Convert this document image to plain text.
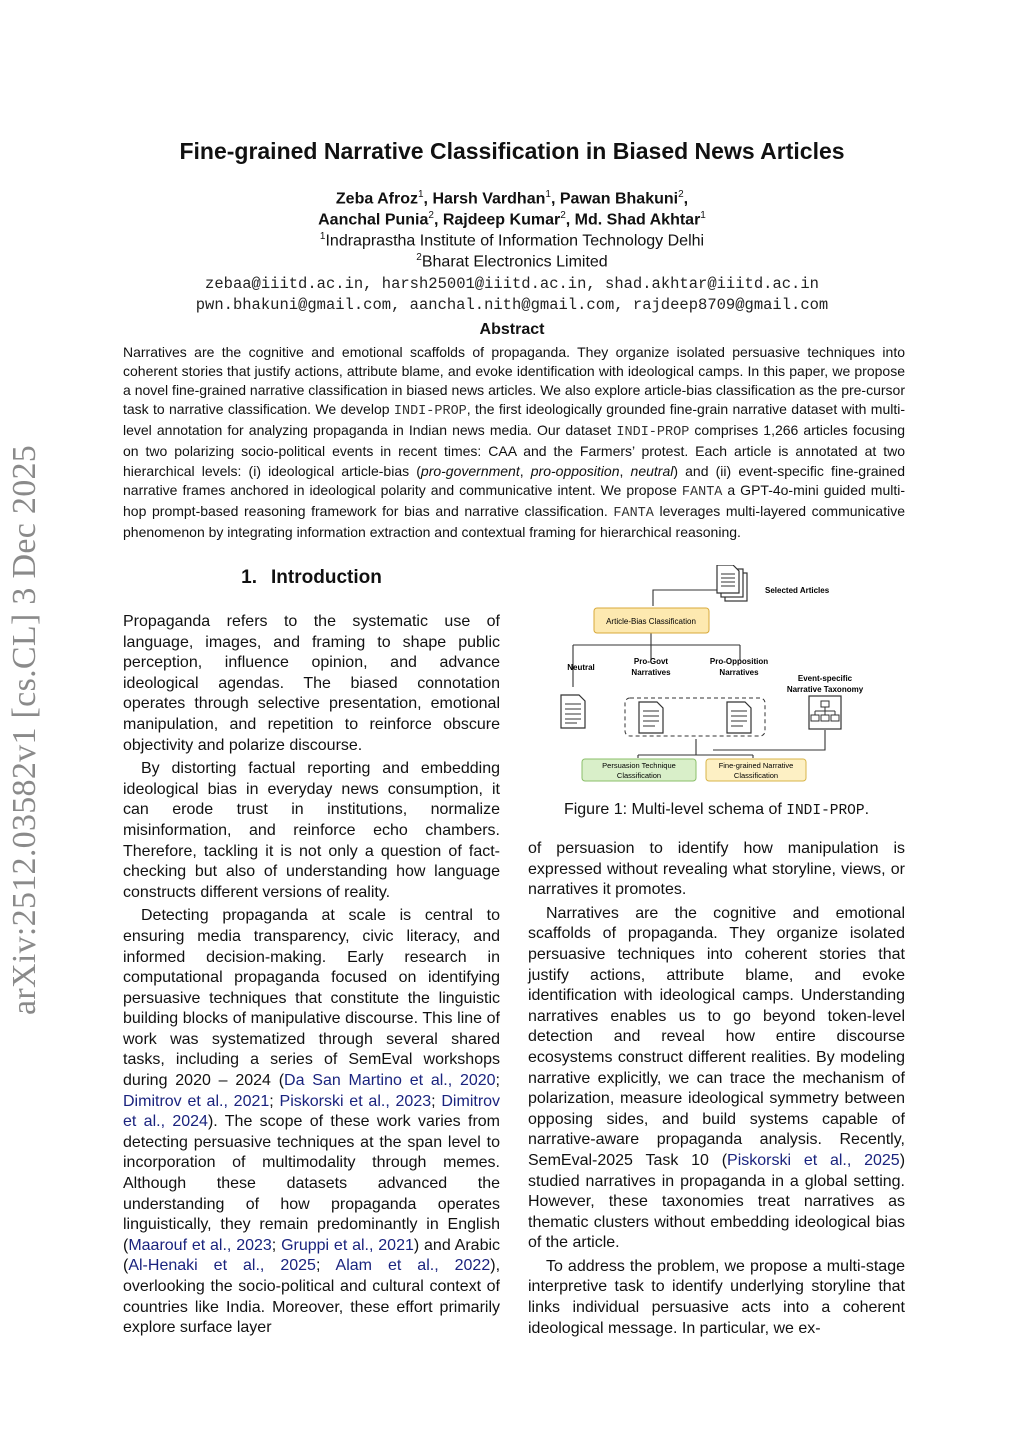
arXiv:2512.03582v1 [cs.CL] 3 Dec 2025
Fine-grained Narrative Classification in Biased News Articles
Zeba Afroz$^1$, Harsh Vardhan$^1$, Pawan Bhakuni$^2$,
Aanchal Punia$^2$, Rajdeep Kumar$^2$, Md. Shad Akhtar$^1$
$^1$Indraprastha Institute of Information Technology Delhi
$^2$Bharat Electronics Limited
zebaa@iiitd.ac.in, harsh25001@iiitd.ac.in, shad.akhtar@iiitd.ac.in
pwn.bhakuni@gmail.com, aanchal.nith@gmail.com, rajdeep8709@gmail.com
Abstract
Narratives are the cognitive and emotional scaffolds of propaganda. They organize isolated persuasive techniques into coherent stories that justify actions, attribute blame, and evoke identification with ideological camps. In this paper, we propose a novel fine-grained narrative classification in biased news articles. We also explore article-bias classification as the pre-cursor task to narrative classification. We develop INDI-PROP, the first ideologically grounded fine-grain narrative dataset with multi-level annotation for analyzing propaganda in Indian news media. Our dataset INDI-PROP comprises 1,266 articles focusing on two polarizing socio-political events in recent times: CAA and the Farmers’ protest. Each article is annotated at two hierarchical levels: (i) ideological article-bias (pro-government, pro-opposition, neutral) and (ii) event-specific fine-grained narrative frames anchored in ideological polarity and communicative intent. We propose FANTA a GPT-4o-mini guided multi-hop prompt-based reasoning framework for bias and narrative classification. FANTA leverages multi-layered communicative phenomenon by integrating information extraction and contextual framing for hierarchical reasoning.
1. Introduction

Propaganda refers to the systematic use of language, images, and framing to shape public perception, influence opinion, and advance ideological agendas. The biased connotation operates through selective presentation, emotional manipulation, and repetition to reinforce obscure objectivity and polarize discourse.

By distorting factual reporting and embedding ideological bias in everyday news consumption, it can erode trust in institutions, normalize misinformation, and reinforce echo chambers. Therefore, tackling it is not only a question of fact-checking but also of understanding how language constructs different versions of reality.

Detecting propaganda at scale is central to ensuring media transparency, civic literacy, and informed decision-making. Early research in computational propaganda focused on identifying persuasive techniques that constitute the linguistic building blocks of manipulative discourse. This line of work was systematized through several shared tasks, including a series of SemEval workshops during 2020 – 2024 (Da San Martino et al., 2020; Dimitrov et al., 2021; Piskorski et al., 2023; Dimitrov et al., 2024). The scope of these work varies from detecting persuasive techniques at the span level to incorporation of multimodality through memes. Although these datasets advanced the understanding of how propaganda operates linguistically, they remain predominantly in English (Maarouf et al., 2023; Gruppi et al., 2021) and Arabic (Al-Henaki et al., 2025; Alam et al., 2022), overlooking the socio-political and cultural context of countries like India. Moreover, these effort primarily explore surface layer

Selected Articles
Article-Bias Classification
Neutral
Pro-Govt
Narratives
Pro-Opposition
Narratives
Event-specific
Narrative Taxonomy
Persuasion Technique
Classification
Fine-grained Narrative
Classification
Figure 1: Multi-level schema of INDI-PROP.

of persuasion to identify how manipulation is expressed without revealing what storyline, views, or narratives it promotes.

Narratives are the cognitive and emotional scaffolds of propaganda. They organize isolated persuasive techniques into coherent stories that justify actions, attribute blame, and evoke identification with ideological camps. Understanding narratives enables us to go beyond token-level detection and reveal how entire discourse ecosystems construct different realities. By modeling narrative explicitly, we can trace the mechanism of polarization, measure ideological symmetry between opposing sides, and build systems capable of narrative-aware propaganda analysis. Recently, SemEval-2025 Task 10 (Piskorski et al., 2025) studied narratives in propaganda in a global setting. However, these taxonomies treat narratives as thematic clusters without embedding ideological bias of the article.

To address the problem, we propose a multi-stage interpretive task to identify underlying storyline that links individual persuasive acts into a coherent ideological message. In particular, we ex-
